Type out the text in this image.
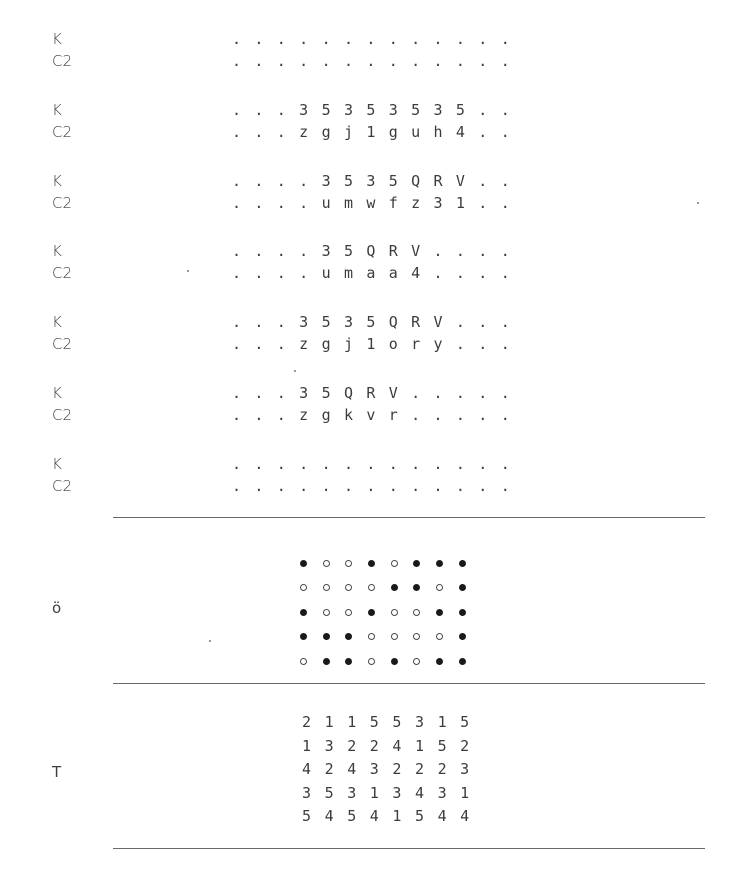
K
C2
. . . . . . . . . . . . .
. . . . . . . . . . . . .
K
C2
. . . 3 5 3 5 3 5 3 5 . .
. . . z g j 1 g u h 4 . .
K
C2
. . . . 3 5 3 5 Q R V . .
. . . . u m w f z 3 1 . .
K
C2
. . . . 3 5 Q R V . . . .
. . . . u m a a 4 . . . .
K
C2
. . . 3 5 3 5 Q R V . . .
. . . z g j 1 o r y . . .
K
C2
. . . 3 5 Q R V . . . . .
. . . z g k v r . . . . .
K
C2
. . . . . . . . . . . . .
. . . . . . . . . . . . .
ö
T
2 1 1 5 5 3 1 5
1 3 2 2 4 1 5 2
4 2 4 3 2 2 2 3
3 5 3 1 3 4 3 1
5 4 5 4 1 5 4 4
